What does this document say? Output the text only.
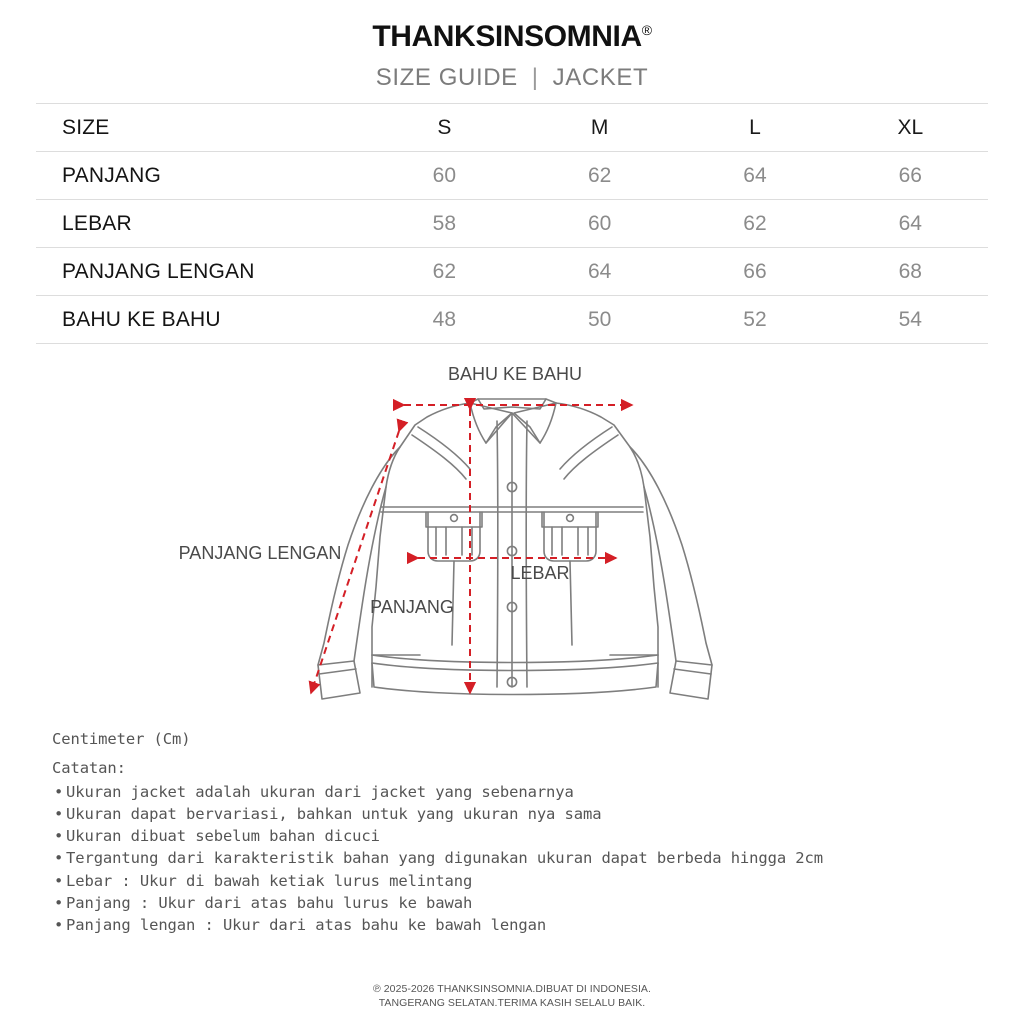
THANKSINSOMNIA®
SIZE GUIDE | JACKET
SIZE	S	M	L	XL
PANJANG	60	62	64	66
LEBAR	58	60	62	64
PANJANG LENGAN	62	64	66	68
BAHU KE BAHU	48	50	52	54
BAHU KE BAHU
PANJANG LENGAN
LEBAR
PANJANG
Centimeter (Cm)
Catatan:
• Ukuran jacket adalah ukuran dari jacket yang sebenarnya
• Ukuran dapat bervariasi, bahkan untuk yang ukuran nya sama
• Ukuran dibuat sebelum bahan dicuci
• Tergantung dari karakteristik bahan yang digunakan ukuran dapat berbeda hingga 2cm
• Lebar : Ukur di bawah ketiak lurus melintang
• Panjang : Ukur dari atas bahu lurus ke bawah
• Panjang lengan : Ukur dari atas bahu ke bawah lengan
℗ 2025-2026 THANKSINSOMNIA.DIBUAT DI INDONESIA.
TANGERANG SELATAN.TERIMA KASIH SELALU BAIK.
